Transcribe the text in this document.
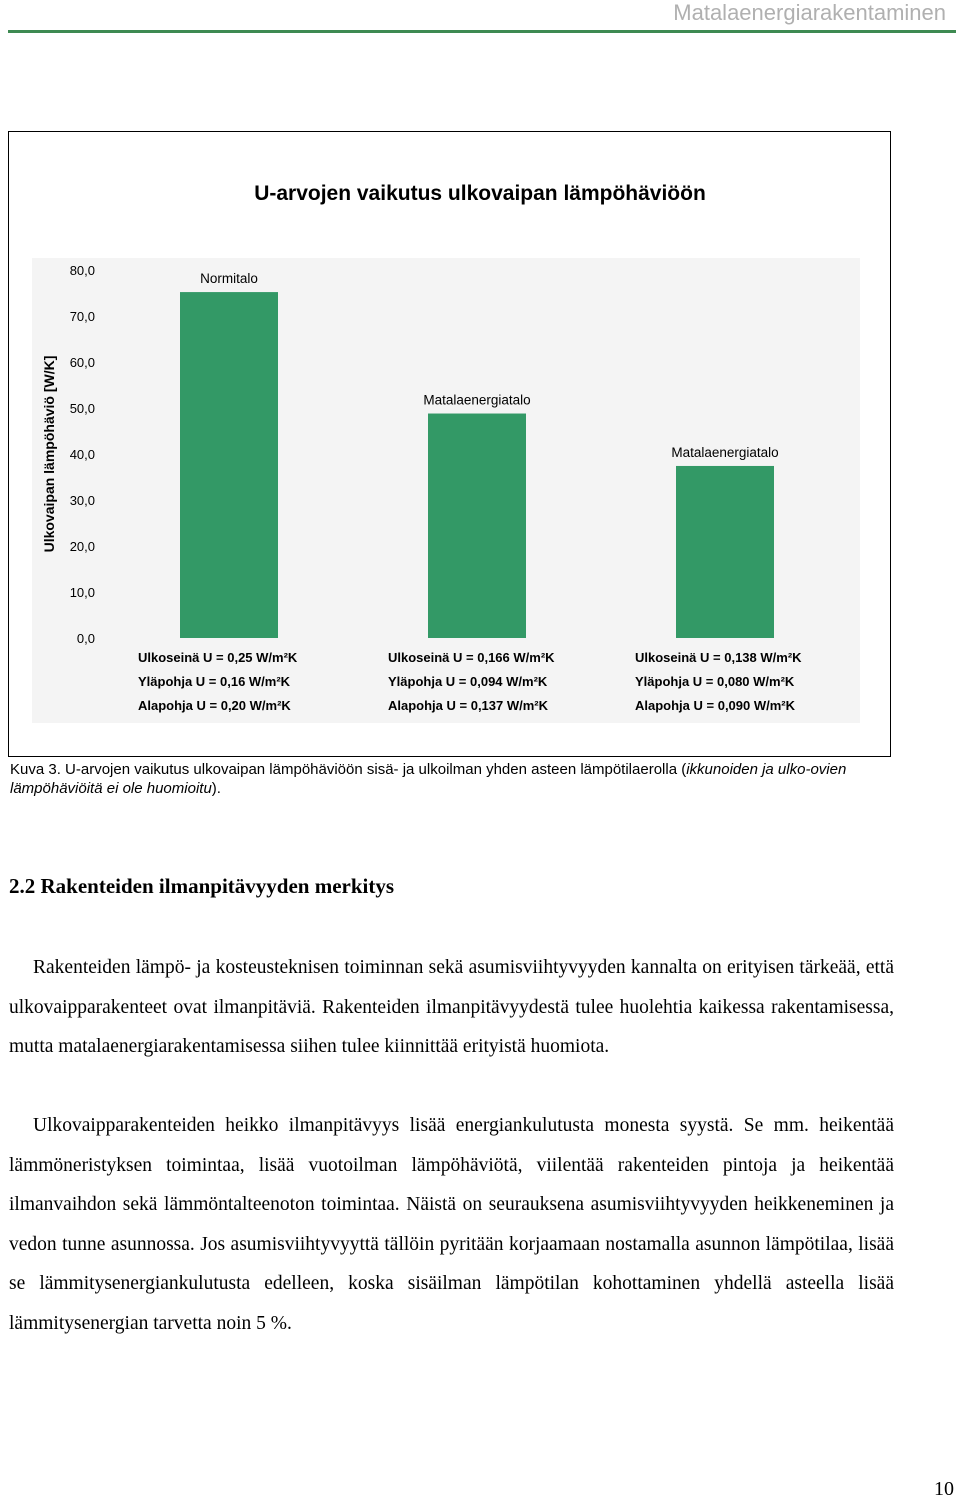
Matalaenergiarakentaminen
U-arvojen vaikutus ulkovaipan lämpöhäviöön
Ulkovaipan lämpöhäviö [W/K]
0,0
10,0
20,0
30,0
40,0
50,0
60,0
70,0
80,0
Normitalo
Matalaenergiatalo
Matalaenergiatalo
Ulkoseinä U = 0,25 W/m²K
Yläpohja U = 0,16 W/m²K
Alapohja U = 0,20 W/m²K
Ulkoseinä U = 0,166 W/m²K
Yläpohja U = 0,094 W/m²K
Alapohja U = 0,137 W/m²K
Ulkoseinä U = 0,138 W/m²K
Yläpohja U = 0,080 W/m²K
Alapohja U = 0,090 W/m²K
Kuva 3. U-arvojen vaikutus ulkovaipan lämpöhäviöön sisä- ja ulkoilman yhden asteen lämpötilaerolla (ikkunoiden ja ulko-ovien lämpöhäviöitä ei ole huomioitu).
2.2 Rakenteiden ilmanpitävyyden merkitys

Rakenteiden lämpö- ja kosteusteknisen toiminnan sekä asumisviihtyvyyden kannalta on erityisen tärkeää, että ulkovaipparakenteet ovat ilmanpitäviä. Rakenteiden ilmanpitävyydestä tulee huolehtia kaikessa rakentamisessa, mutta matalaenergiarakentamisessa siihen tulee kiinnittää erityistä huomiota.

Ulkovaipparakenteiden heikko ilmanpitävyys lisää energiankulutusta monesta syystä. Se mm. heikentää lämmöneristyksen toimintaa, lisää vuotoilman lämpöhäviötä, viilentää rakenteiden pintoja ja heikentää ilmanvaihdon sekä lämmöntalteenoton toimintaa. Näistä on seurauksena asumisviihtyvyyden heikkeneminen ja vedon tunne asunnossa. Jos asumisviihtyvyyttä tällöin pyritään korjaamaan nostamalla asunnon lämpötilaa, lisää se lämmitysenergiankulutusta edelleen, koska sisäilman lämpötilan kohottaminen yhdellä asteella lisää lämmitysenergian tarvetta noin 5 %.

10
